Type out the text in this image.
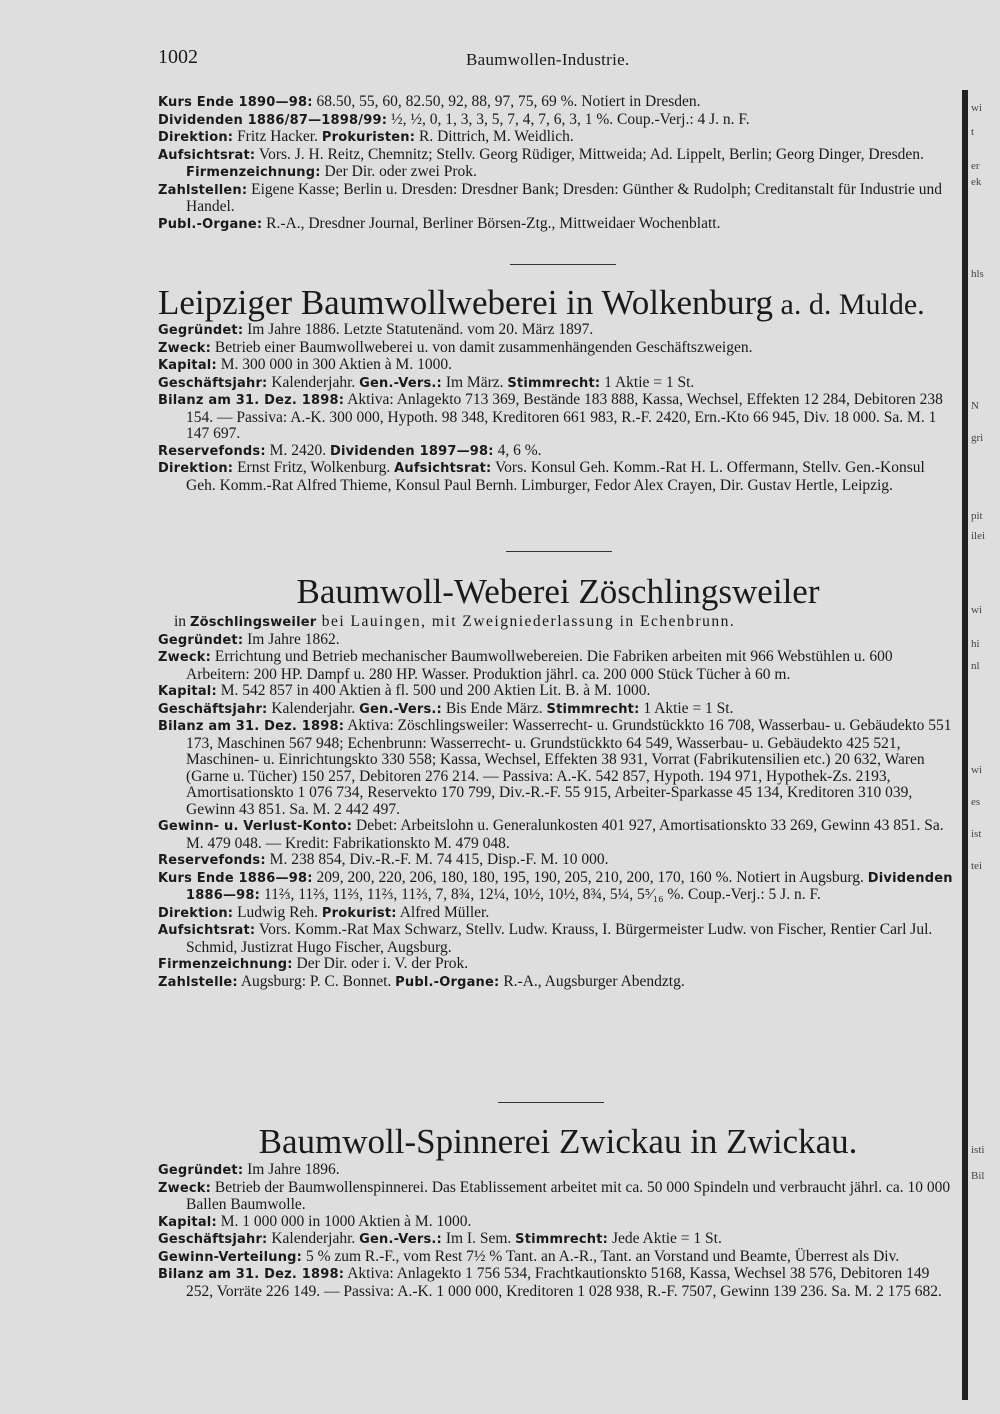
wi
t
er
ek
hls
N
gri
pit
ilei
wi
hi
nl
wi
es
ist
tei
isti
Bil
1002	Baumwollen-Industrie.

Kurs Ende 1890—98: 68.50, 55, 60, 82.50, 92, 88, 97, 75, 69 %. Notiert in Dresden.

Dividenden 1886/87—1898/99: ½, ½, 0, 1, 3, 3, 5, 7, 4, 7, 6, 3, 1 %. Coup.-Verj.: 4 J. n. F.

Direktion: Fritz Hacker. Prokuristen: R. Dittrich, M. Weidlich.

Aufsichtsrat: Vors. J. H. Reitz, Chemnitz; Stellv. Georg Rüdiger, Mittweida; Ad. Lippelt, Berlin; Georg Dinger, Dresden. Firmenzeichnung: Der Dir. oder zwei Prok.

Zahlstellen: Eigene Kasse; Berlin u. Dresden: Dresdner Bank; Dresden: Günther & Rudolph; Creditanstalt für Industrie und Handel.

Publ.-Organe: R.-A., Dresdner Journal, Berliner Börsen-Ztg., Mittweidaer Wochenblatt.

Leipziger Baumwollweberei in Wolkenburg a. d. Mulde.

Gegründet: Im Jahre 1886. Letzte Statutenänd. vom 20. März 1897.

Zweck: Betrieb einer Baumwollweberei u. von damit zusammenhängenden Geschäftszweigen.

Kapital: M. 300 000 in 300 Aktien à M. 1000.

Geschäftsjahr: Kalenderjahr. Gen.-Vers.: Im März. Stimmrecht: 1 Aktie = 1 St.

Bilanz am 31. Dez. 1898: Aktiva: Anlagekto 713 369, Bestände 183 888, Kassa, Wechsel, Effekten 12 284, Debitoren 238 154. — Passiva: A.-K. 300 000, Hypoth. 98 348, Kreditoren 661 983, R.-F. 2420, Ern.-Kto 66 945, Div. 18 000. Sa. M. 1 147 697.

Reservefonds: M. 2420. Dividenden 1897—98: 4, 6 %.

Direktion: Ernst Fritz, Wolkenburg. Aufsichtsrat: Vors. Konsul Geh. Komm.-Rat H. L. Offermann, Stellv. Gen.-Konsul Geh. Komm.-Rat Alfred Thieme, Konsul Paul Bernh. Limburger, Fedor Alex Crayen, Dir. Gustav Hertle, Leipzig.

Baumwoll-Weberei Zöschlingsweiler

in Zöschlingsweiler bei Lauingen, mit Zweigniederlassung in Echenbrunn.

Gegründet: Im Jahre 1862.

Zweck: Errichtung und Betrieb mechanischer Baumwollwebereien. Die Fabriken arbeiten mit 966 Webstühlen u. 600 Arbeitern: 200 HP. Dampf u. 280 HP. Wasser. Produktion jährl. ca. 200 000 Stück Tücher à 60 m.

Kapital: M. 542 857 in 400 Aktien à fl. 500 und 200 Aktien Lit. B. à M. 1000.

Geschäftsjahr: Kalenderjahr. Gen.-Vers.: Bis Ende März. Stimmrecht: 1 Aktie = 1 St.

Bilanz am 31. Dez. 1898: Aktiva: Zöschlingsweiler: Wasserrecht- u. Grundstückkto 16 708, Wasserbau- u. Gebäudekto 551 173, Maschinen 567 948; Echenbrunn: Wasserrecht- u. Grundstückkto 64 549, Wasserbau- u. Gebäudekto 425 521, Maschinen- u. Einrichtungskto 330 558; Kassa, Wechsel, Effekten 38 931, Vorrat (Fabrikutensilien etc.) 20 632, Waren (Garne u. Tücher) 150 257, Debitoren 276 214. — Passiva: A.-K. 542 857, Hypoth. 194 971, Hypothek-Zs. 2193, Amortisationskto 1 076 734, Reservekto 170 799, Div.-R.-F. 55 915, Arbeiter-Sparkasse 45 134, Kreditoren 310 039, Gewinn 43 851. Sa. M. 2 442 497.

Gewinn- u. Verlust-Konto: Debet: Arbeitslohn u. Generalunkosten 401 927, Amortisationskto 33 269, Gewinn 43 851. Sa. M. 479 048. — Kredit: Fabrikationskto M. 479 048.

Reservefonds: M. 238 854, Div.-R.-F. M. 74 415, Disp.-F. M. 10 000.

Kurs Ende 1886—98: 209, 200, 220, 206, 180, 180, 195, 190, 205, 210, 200, 170, 160 %. Notiert in Augsburg. Dividenden 1886—98: 11⅔, 11⅔, 11⅔, 11⅔, 11⅔, 7, 8¾, 12¼, 10½, 10½, 8¾, 5¼, 5⁵⁄₁₆ %. Coup.-Verj.: 5 J. n. F.

Direktion: Ludwig Reh. Prokurist: Alfred Müller.

Aufsichtsrat: Vors. Komm.-Rat Max Schwarz, Stellv. Ludw. Krauss, I. Bürgermeister Ludw. von Fischer, Rentier Carl Jul. Schmid, Justizrat Hugo Fischer, Augsburg.

Firmenzeichnung: Der Dir. oder i. V. der Prok.

Zahlstelle: Augsburg: P. C. Bonnet. Publ.-Organe: R.-A., Augsburger Abendztg.

Baumwoll-Spinnerei Zwickau in Zwickau.

Gegründet: Im Jahre 1896.

Zweck: Betrieb der Baumwollenspinnerei. Das Etablissement arbeitet mit ca. 50 000 Spindeln und verbraucht jährl. ca. 10 000 Ballen Baumwolle.

Kapital: M. 1 000 000 in 1000 Aktien à M. 1000.

Geschäftsjahr: Kalenderjahr. Gen.-Vers.: Im I. Sem. Stimmrecht: Jede Aktie = 1 St.

Gewinn-Verteilung: 5 % zum R.-F., vom Rest 7½ % Tant. an A.-R., Tant. an Vorstand und Beamte, Überrest als Div.

Bilanz am 31. Dez. 1898: Aktiva: Anlagekto 1 756 534, Frachtkautionskto 5168, Kassa, Wechsel 38 576, Debitoren 149 252, Vorräte 226 149. — Passiva: A.-K. 1 000 000, Kreditoren 1 028 938, R.-F. 7507, Gewinn 139 236. Sa. M. 2 175 682.
